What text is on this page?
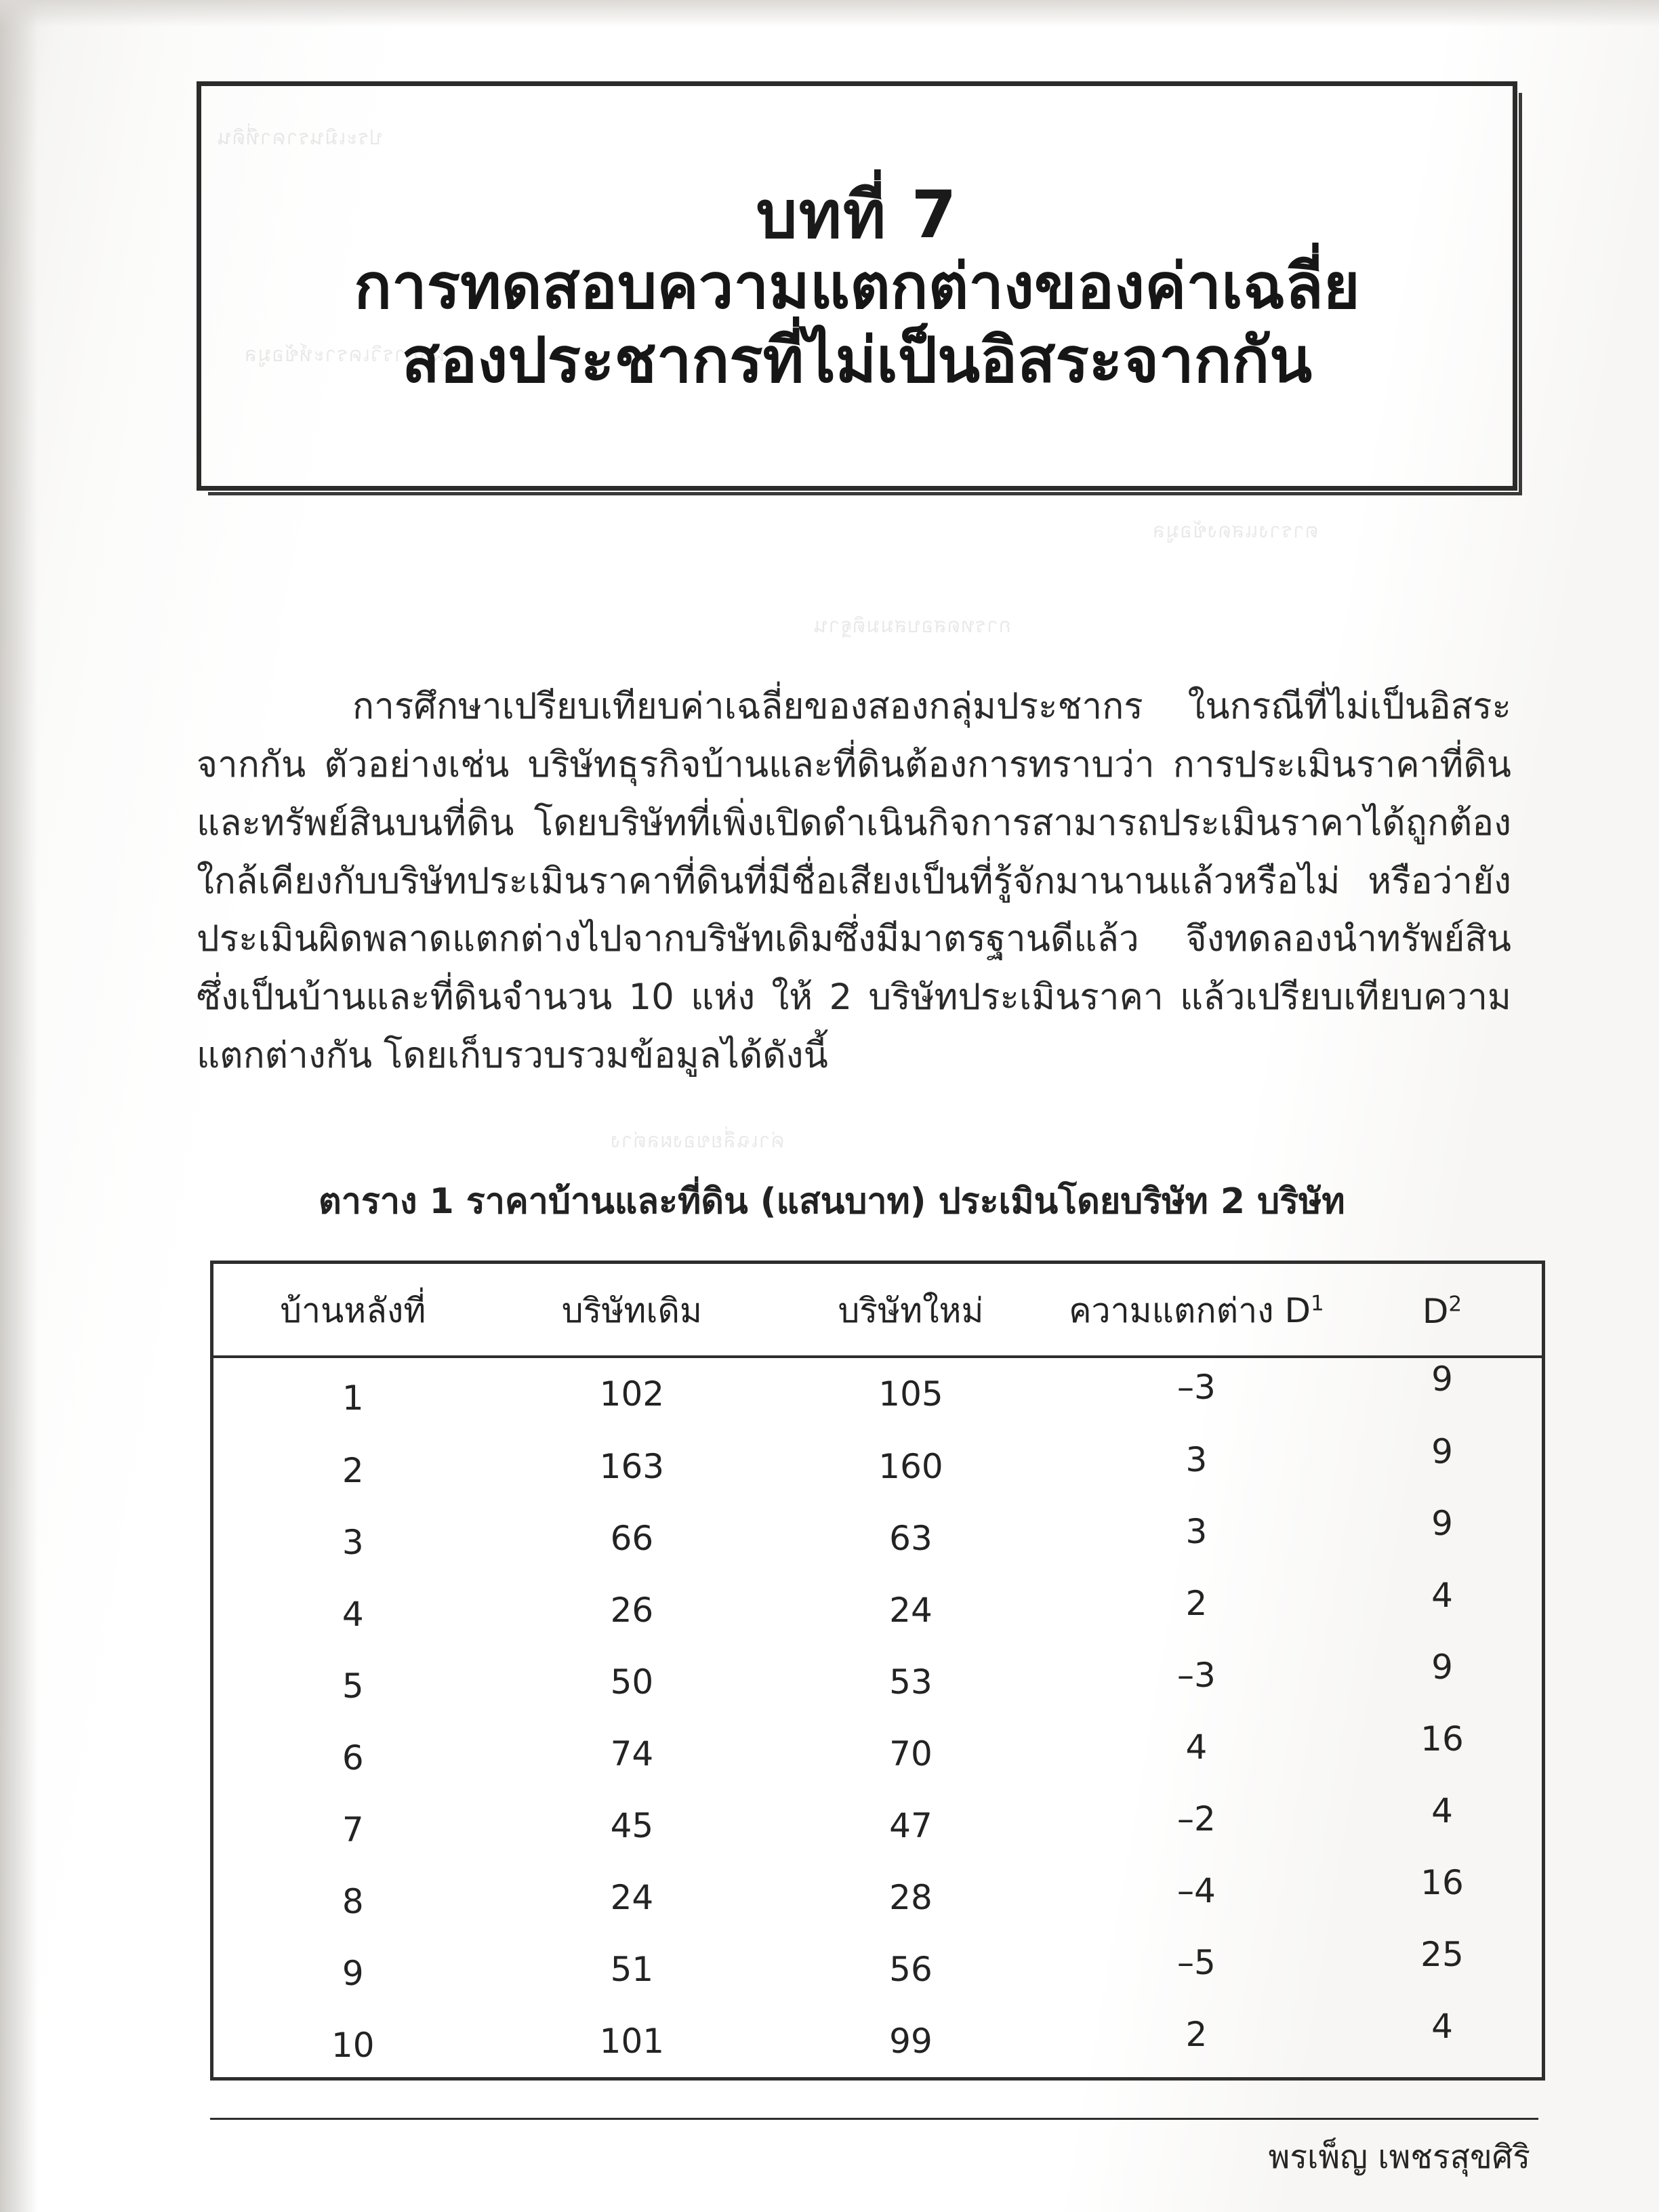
บทที่ 7
การทดสอบความแตกต่างของค่าเฉลี่ย
สองประชากรที่ไม่เป็นอิสระจากกัน
การศึกษาเปรียบเทียบค่าเฉลี่ยของสองกลุ่มประชากร ในกรณีที่ไม่เป็นอิสระจากกัน ตัวอย่างเช่น บริษัทธุรกิจบ้านและที่ดินต้องการทราบว่า การประเมินราคาที่ดินและทรัพย์สินบนที่ดิน โดยบริษัทที่เพิ่งเปิดดำเนินกิจการสามารถประเมินราคาได้ถูกต้องใกล้เคียงกับบริษัทประเมินราคาที่ดินที่มีชื่อเสียงเป็นที่รู้จักมานานแล้วหรือไม่ หรือว่ายังประเมินผิดพลาดแตกต่างไปจากบริษัทเดิมซึ่งมีมาตรฐานดีแล้ว จึงทดลองนำทรัพย์สินซึ่งเป็นบ้านและที่ดินจำนวน 10 แห่ง ให้ 2 บริษัทประเมินราคา แล้วเปรียบเทียบความแตกต่างกัน โดยเก็บรวบรวมข้อมูลได้ดังนี้
ตาราง 1 ราคาบ้านและที่ดิน (แสนบาท) ประเมินโดยบริษัท 2 บริษัท
บ้านหลังที่	บริษัทเดิม	บริษัทใหม่	ความแตกต่าง $D^1$	$D^2$
1	102	105	–3	9
2	163	160	3	9
3	66	63	3	9
4	26	24	2	4
5	50	53	–3	9
6	74	70	4	16
7	45	47	–2	4
8	24	28	–4	16
9	51	56	–5	25
10	101	99	2	4
พรเพ็ญ เพชรสุขศิริ
